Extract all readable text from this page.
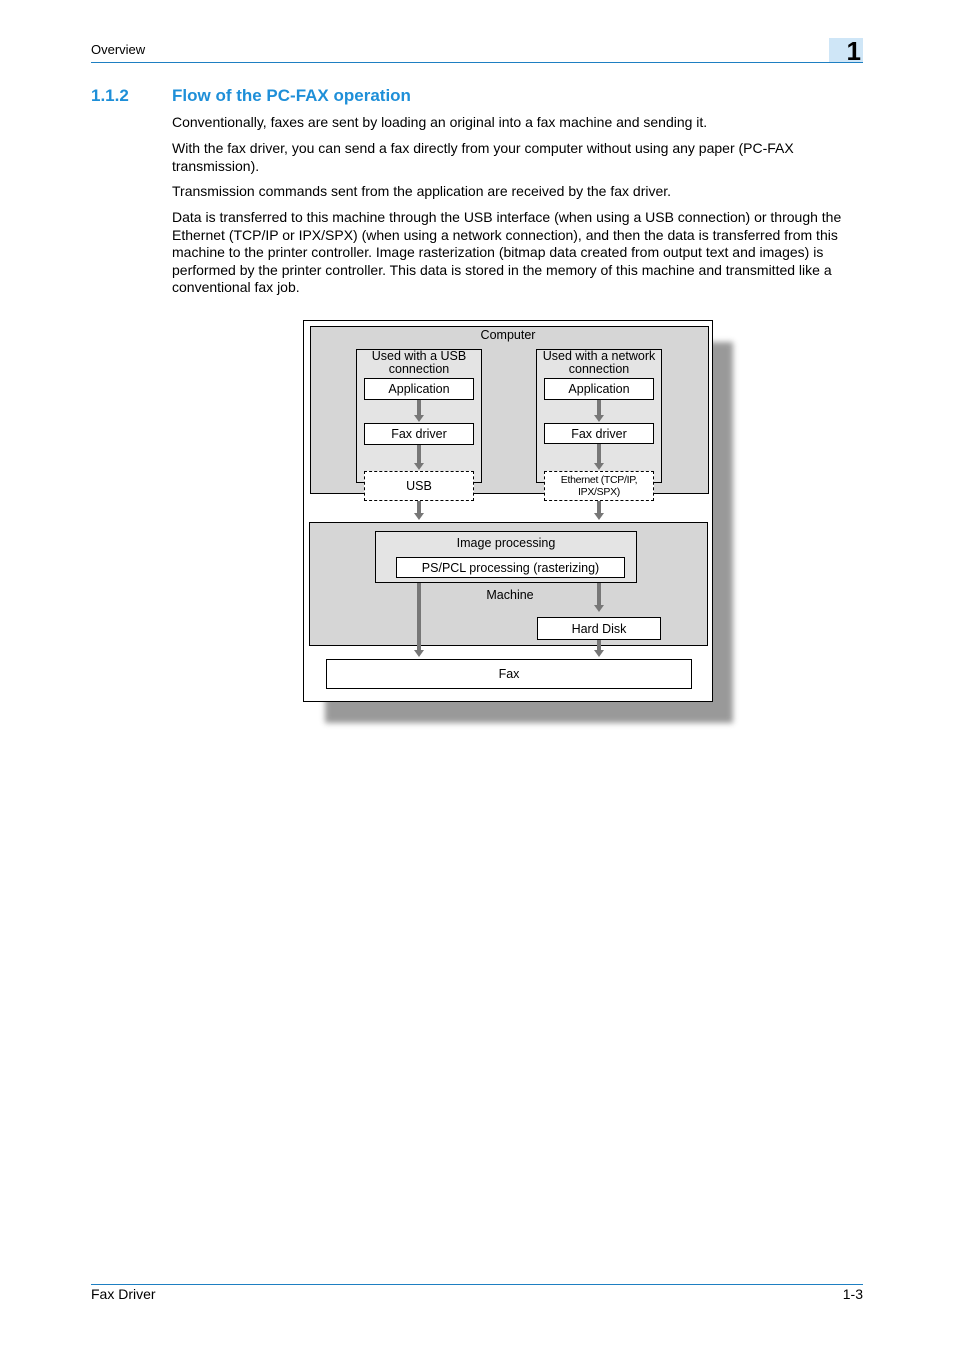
Overview	1
1.1.2	Flow of the PC-FAX operation
Conventionally, faxes are sent by loading an original into a fax machine and sending it.
With the fax driver, you can send a fax directly from your computer without using any paper (PC-FAX transmission).
Transmission commands sent from the application are received by the fax driver.
Data is transferred to this machine through the USB interface (when using a USB connection) or through the Ethernet (TCP/IP or IPX/SPX) (when using a network connection), and then the data is transferred from this machine to the printer controller. Image rasterization (bitmap data created from output text and images) is performed by the printer controller. This data is stored in the memory of this machine and transmitted like a conventional fax job.
Computer
Used with a USB connection
Application
Fax driver
USB
Used with a network connection
Application
Fax driver
Ethernet (TCP/IP, IPX/SPX)
Image processing
PS/PCL processing (rasterizing)
Machine
Hard Disk
Fax
Fax Driver	1-3
